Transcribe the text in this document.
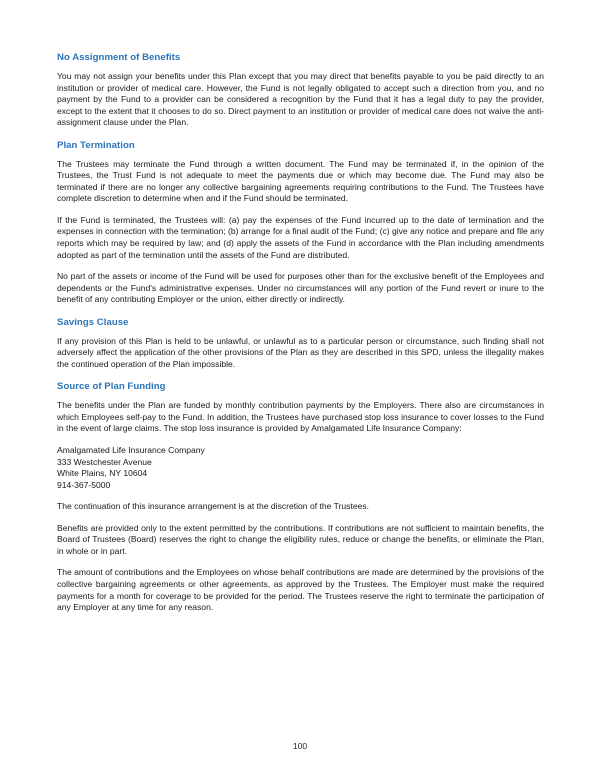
No Assignment of Benefits

You may not assign your benefits under this Plan except that you may direct that benefits payable to you be paid directly to an institution or provider of medical care. However, the Fund is not legally obligated to accept such a direction from you, and no payment by the Fund to a provider can be considered a recognition by the Fund that it has a legal duty to pay the provider, except to the extent that it chooses to do so. Direct payment to an institution or provider of medical care does not waive the anti-assignment clause under the Plan.

Plan Termination

The Trustees may terminate the Fund through a written document. The Fund may be terminated if, in the opinion of the Trustees, the Trust Fund is not adequate to meet the payments due or which may become due. The Fund may also be terminated if there are no longer any collective bargaining agreements requiring contributions to the Fund. The Trustees have complete discretion to determine when and if the Fund should be terminated.

If the Fund is terminated, the Trustees will: (a) pay the expenses of the Fund incurred up to the date of termination and the expenses in connection with the termination; (b) arrange for a final audit of the Fund; (c) give any notice and prepare and file any reports which may be required by law; and (d) apply the assets of the Fund in accordance with the Plan including amendments adopted as part of the termination until the assets of the Fund are distributed.

No part of the assets or income of the Fund will be used for purposes other than for the exclusive benefit of the Employees and dependents or the Fund's administrative expenses. Under no circumstances will any portion of the Fund revert or inure to the benefit of any contributing Employer or the union, either directly or indirectly.

Savings Clause

If any provision of this Plan is held to be unlawful, or unlawful as to a particular person or circumstance, such finding shall not adversely affect the application of the other provisions of the Plan as they are described in this SPD, unless the illegality makes the continued operation of the Plan impossible.

Source of Plan Funding

The benefits under the Plan are funded by monthly contribution payments by the Employers. There also are circumstances in which Employees self-pay to the Fund. In addition, the Trustees have purchased stop loss insurance to cover losses to the Fund in the event of large claims. The stop loss insurance is provided by Amalgamated Life Insurance Company:

Amalgamated Life Insurance Company
333 Westchester Avenue
White Plains, NY 10604
914-367-5000

The continuation of this insurance arrangement is at the discretion of the Trustees.

Benefits are provided only to the extent permitted by the contributions. If contributions are not sufficient to maintain benefits, the Board of Trustees (Board) reserves the right to change the eligibility rules, reduce or change the benefits, or eliminate the Plan, in whole or in part.

The amount of contributions and the Employees on whose behalf contributions are made are determined by the provisions of the collective bargaining agreements or other agreements, as approved by the Trustees. The Employer must make the required payments for a month for coverage to be provided for the period. The Trustees reserve the right to terminate the participation of any Employer at any time for any reason.

100
